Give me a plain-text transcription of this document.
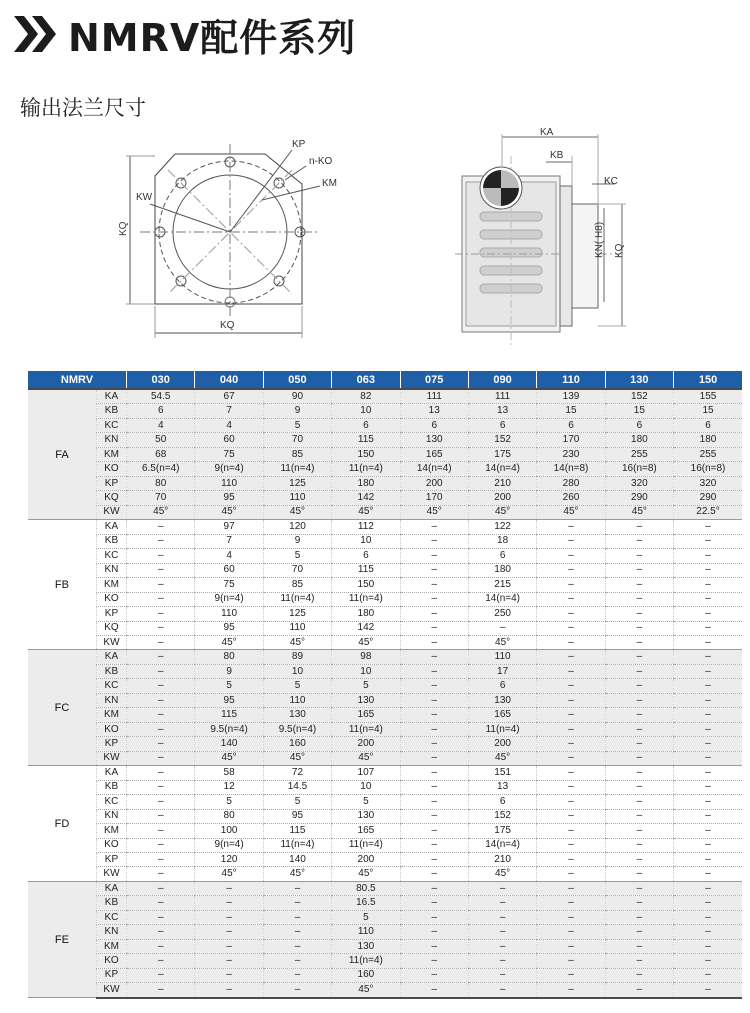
NMRV配件系列
输出法兰尺寸
KP
n-KO
KM
KW
KQ
KQ
KA
KB
KC
KN( H8) KQ
NMRV		030	040	050	063	075	090	110	130	150
FA	KA	54.5	67	90	82	111	111	139	152	155
	KB	6	7	9	10	13	13	15	15	15
	KC	4	4	5	6	6	6	6	6	6
	KN	50	60	70	115	130	152	170	180	180
	KM	68	75	85	150	165	175	230	255	255
	KO	6.5(n=4)	9(n=4)	11(n=4)	11(n=4)	14(n=4)	14(n=4)	14(n=8)	16(n=8)	16(n=8)
	KP	80	110	125	180	200	210	280	320	320
	KQ	70	95	110	142	170	200	260	290	290
	KW	45°	45°	45°	45°	45°	45°	45°	45°	22.5°
FB	KA	–	97	120	112	–	122	–	–	–
	KB	–	7	9	10	–	18	–	–	–
	KC	–	4	5	6	–	6	–	–	–
	KN	–	60	70	115	–	180	–	–	–
	KM	–	75	85	150	–	215	–	–	–
	KO	–	9(n=4)	11(n=4)	11(n=4)	–	14(n=4)	–	–	–
	KP	–	110	125	180	–	250	–	–	–
	KQ	–	95	110	142	–	–	–	–	–
	KW	–	45°	45°	45°	–	45°	–	–	–
FC	KA	–	80	89	98	–	110	–	–	–
	KB	–	9	10	10	–	17	–	–	–
	KC	–	5	5	5	–	6	–	–	–
	KN	–	95	110	130	–	130	–	–	–
	KM	–	115	130	165	–	165	–	–	–
	KO	–	9.5(n=4)	9.5(n=4)	11(n=4)	–	11(n=4)	–	–	–
	KP	–	140	160	200	–	200	–	–	–
	KW	–	45°	45°	45°	–	45°	–	–	–
FD	KA	–	58	72	107	–	151	–	–	–
	KB	–	12	14.5	10	–	13	–	–	–
	KC	–	5	5	5	–	6	–	–	–
	KN	–	80	95	130	–	152	–	–	–
	KM	–	100	115	165	–	175	–	–	–
	KO	–	9(n=4)	11(n=4)	11(n=4)	–	14(n=4)	–	–	–
	KP	–	120	140	200	–	210	–	–	–
	KW	–	45°	45°	45°	–	45°	–	–	–
FE	KA	–	–	–	80.5	–	–	–	–	–
	KB	–	–	–	16.5	–	–	–	–	–
	KC	–	–	–	5	–	–	–	–	–
	KN	–	–	–	110	–	–	–	–	–
	KM	–	–	–	130	–	–	–	–	–
	KO	–	–	–	11(n=4)	–	–	–	–	–
	KP	–	–	–	160	–	–	–	–	–
	KW	–	–	–	45°	–	–	–	–	–
